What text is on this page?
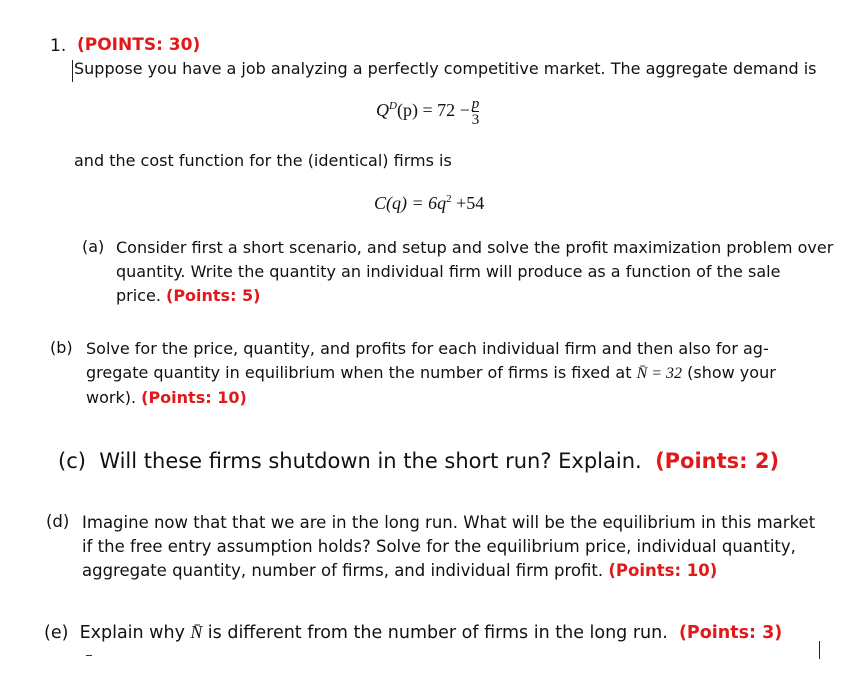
1. (POINTS: 30)
Suppose you have a job analyzing a perfectly competitive market. The aggregate demand is
$Q^D(p) = 72 - \frac{p}{3}$
and the cost function for the (identical) firms is
$C(q) = 6q^2 +54$
(a) Consider first a short scenario, and setup and solve the profit maximization problem over
quantity. Write the quantity an individual firm will produce as a function of the sale
price. (Points: 5)
(b) Solve for the price, quantity, and profits for each individual firm and then also for ag-
gregate quantity in equilibrium when the number of firms is fixed at N̄ = 32 (show your
work). (Points: 10)
(c) Will these firms shutdown in the short run? Explain. (Points: 2)
(d) Imagine now that that we are in the long run. What will be the equilibrium in this market
if the free entry assumption holds? Solve for the equilibrium price, individual quantity,
aggregate quantity, number of firms, and individual firm profit. (Points: 10)
(e) Explain why N̄ is different from the number of firms in the long run. (Points: 3)
